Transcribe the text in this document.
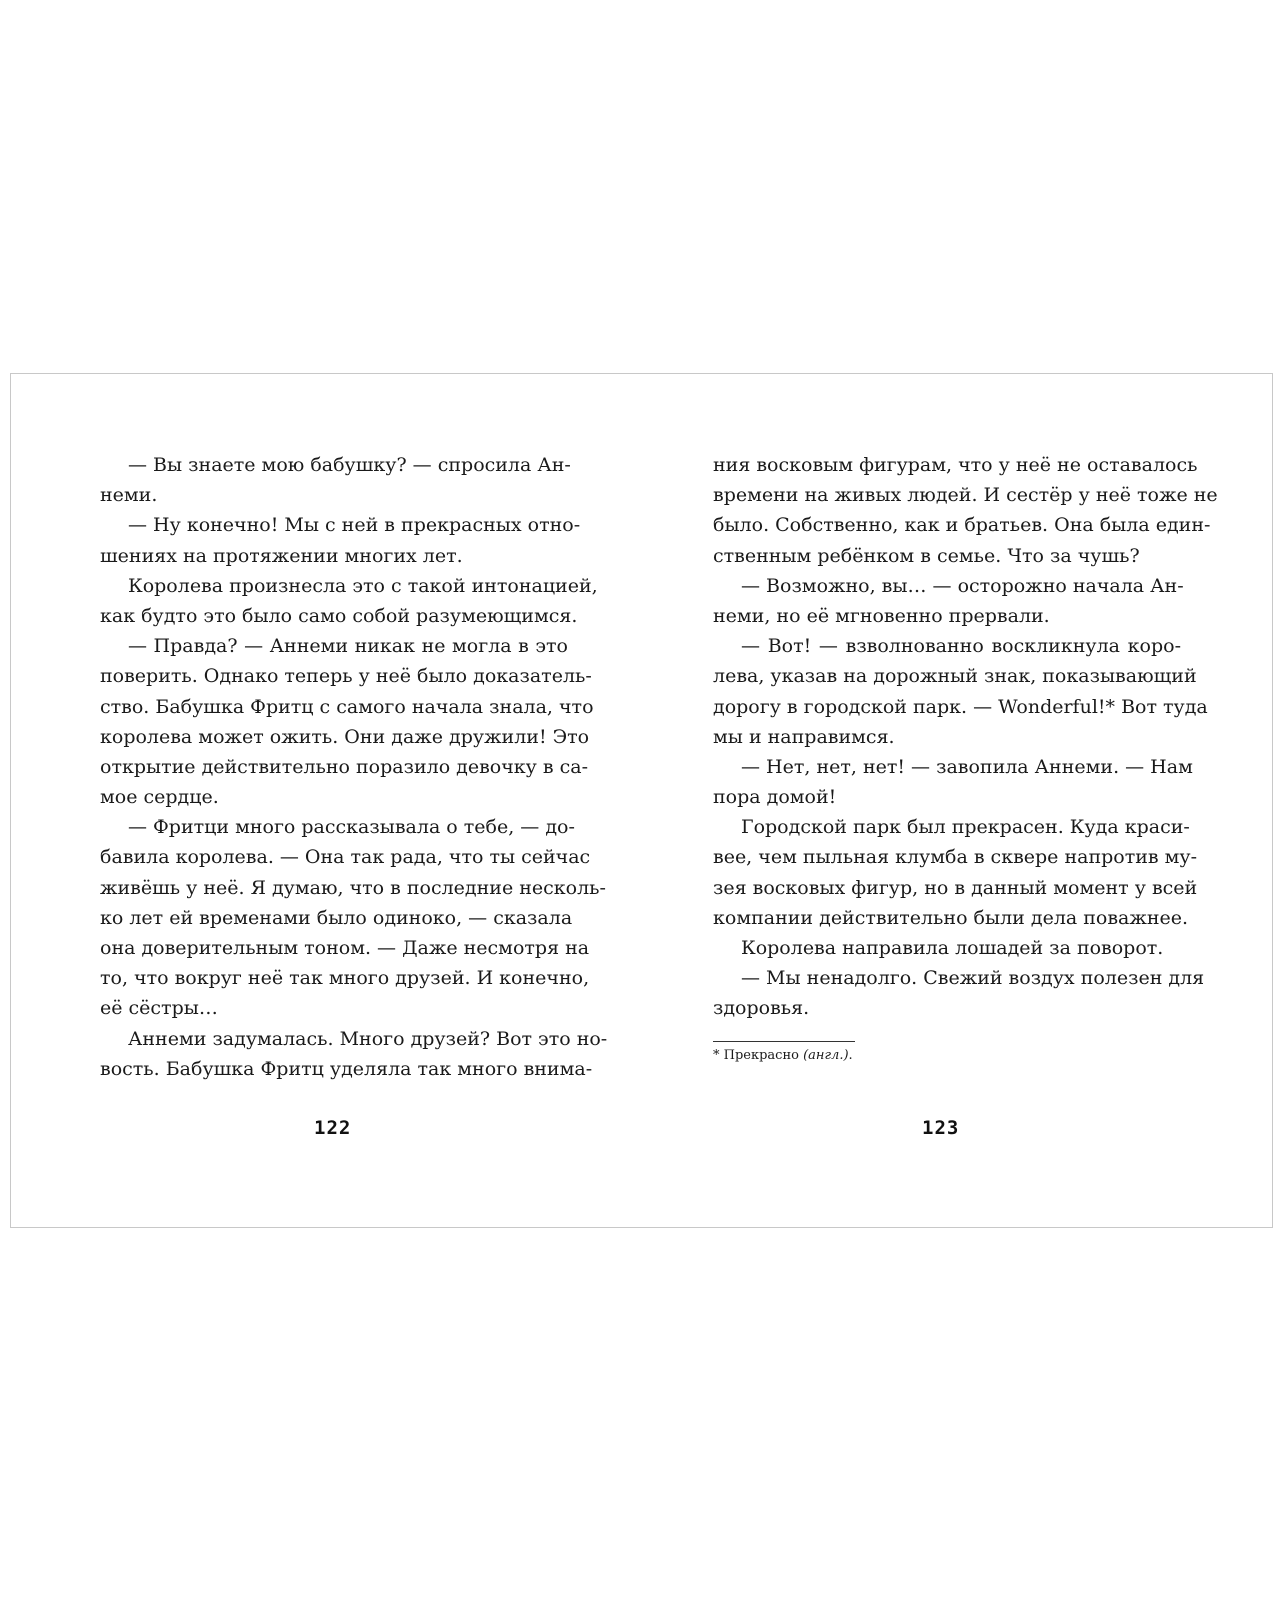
— Вы знаете мою бабушку? — спросила Ан-
неми.
— Ну конечно! Мы с ней в прекрасных отно-
шениях на протяжении многих лет.
Королева произнесла это с такой интонацией,
как будто это было само собой разумеющимся.
— Правда? — Аннеми никак не могла в это
поверить. Однако теперь у неё было доказатель-
ство. Бабушка Фритц с самого начала знала, что
королева может ожить. Они даже дружили! Это
открытие действительно поразило девочку в са-
мое сердце.
— Фритци много рассказывала о тебе, — до-
бавила королева. — Она так рада, что ты сейчас
живёшь у неё. Я думаю, что в последние несколь-
ко лет ей временами было одиноко, — сказала
она доверительным тоном. — Даже несмотря на
то, что вокруг неё так много друзей. И конечно,
её сёстры…
Аннеми задумалась. Много друзей? Вот это но-
вость. Бабушка Фритц уделяла так много внима-
ния восковым фигурам, что у неё не оставалось
времени на живых людей. И сестёр у неё тоже не
было. Собственно, как и братьев. Она была един-
ственным ребёнком в семье. Что за чушь?
— Возможно, вы… — осторожно начала Ан-
неми, но её мгновенно прервали.
— Вот! — взволнованно воскликнула коро-
лева, указав на дорожный знак, показывающий
дорогу в городской парк. — Wonderful!* Вот туда
мы и направимся.
— Нет, нет, нет! — завопила Аннеми. — Нам
пора домой!
Городской парк был прекрасен. Куда краси-
вее, чем пыльная клумба в сквере напротив му-
зея восковых фигур, но в данный момент у всей
компании действительно были дела поважнее.
Королева направила лошадей за поворот.
— Мы ненадолго. Свежий воздух полезен для
здоровья.
* Прекрасно (англ.).
122	123
